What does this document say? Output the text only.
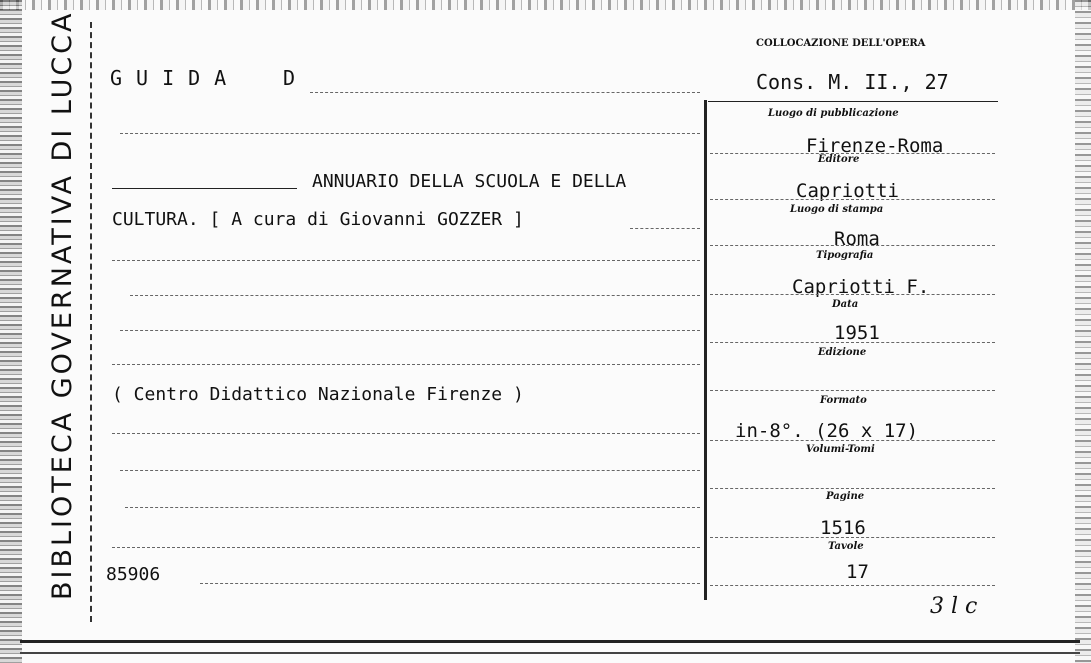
BIBLIOTECA GOVERNATIVA DI LUCCA GUIDA D
ANNUARIO DELLA SCUOLA E DELLA
CULTURA. [ A cura di Giovanni GOZZER ]
( Centro Didattico Nazionale Firenze )
85906
COLLOCAZIONE DELL'OPERA
Cons. M. II., 27
Luogo di pubblicazione
Firenze-Roma
Editore
Capriotti
Luogo di stampa
Roma
Tipografia
Capriotti F.
Data
1951
Edizione
Formato
in-8°. (26 x 17)
Volumi-Tomi
Pagine
1516
Tavole
17
3 l c
